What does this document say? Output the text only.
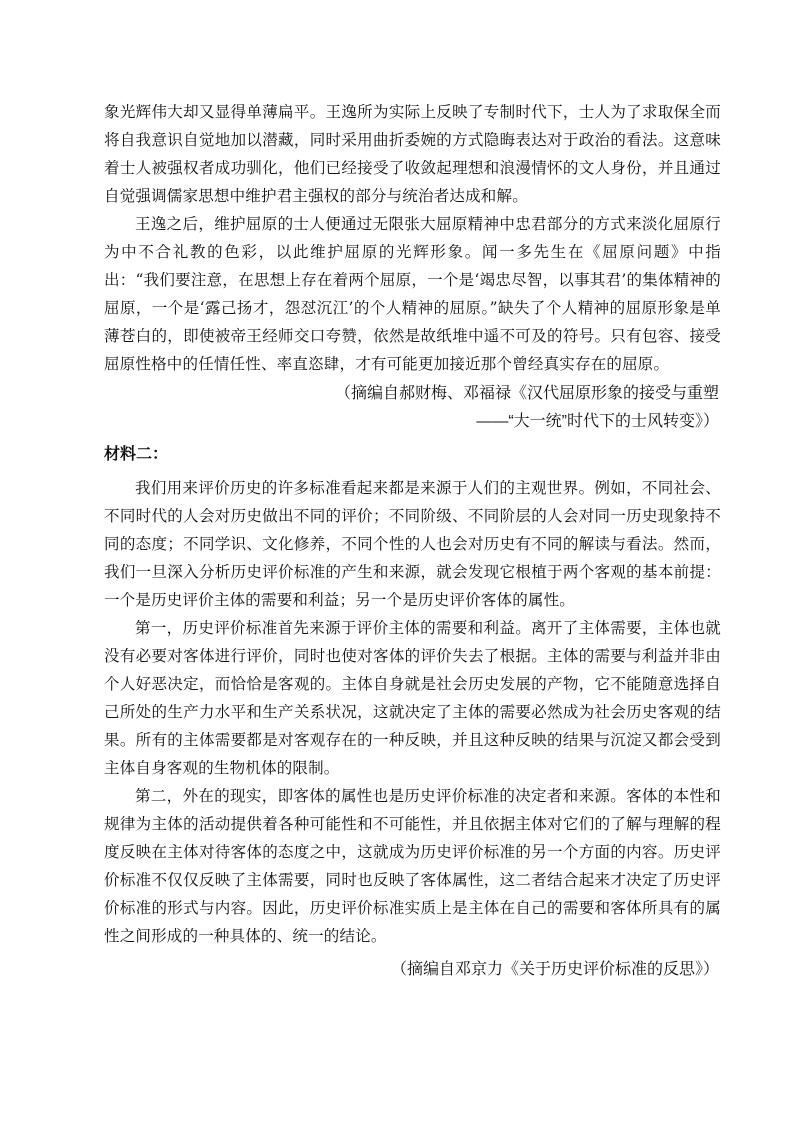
象光辉伟大却又显得单薄扁平。王逸所为实际上反映了专制时代下，士人为了求取保全而将自我意识自觉地加以潜藏，同时采用曲折委婉的方式隐晦表达对于政治的看法。这意味着士人被强权者成功驯化，他们已经接受了收敛起理想和浪漫情怀的文人身份，并且通过自觉强调儒家思想中维护君主强权的部分与统治者达成和解。

王逸之后，维护屈原的士人便通过无限张大屈原精神中忠君部分的方式来淡化屈原行为中不合礼教的色彩，以此维护屈原的光辉形象。闻一多先生在《屈原问题》中指出：“我们要注意，在思想上存在着两个屈原，一个是‘竭忠尽智，以事其君’的集体精神的屈原，一个是‘露己扬才，怨怼沉江’的个人精神的屈原。”缺失了个人精神的屈原形象是单薄苍白的，即使被帝王经师交口夸赞，依然是故纸堆中遥不可及的符号。只有包容、接受屈原性格中的任情任性、率直恣肆，才有可能更加接近那个曾经真实存在的屈原。

（摘编自郝财梅、邓福禄《汉代屈原形象的接受与重塑
——“大一统”时代下的士风转变》）
材料二：

我们用来评价历史的许多标准看起来都是来源于人们的主观世界。例如，不同社会、不同时代的人会对历史做出不同的评价；不同阶级、不同阶层的人会对同一历史现象持不同的态度；不同学识、文化修养，不同个性的人也会对历史有不同的解读与看法。然而，我们一旦深入分析历史评价标准的产生和来源，就会发现它根植于两个客观的基本前提：一个是历史评价主体的需要和利益；另一个是历史评价客体的属性。

第一，历史评价标准首先来源于评价主体的需要和利益。离开了主体需要，主体也就没有必要对客体进行评价，同时也使对客体的评价失去了根据。主体的需要与利益并非由个人好恶决定，而恰恰是客观的。主体自身就是社会历史发展的产物，它不能随意选择自己所处的生产力水平和生产关系状况，这就决定了主体的需要必然成为社会历史客观的结果。所有的主体需要都是对客观存在的一种反映，并且这种反映的结果与沉淀又都会受到主体自身客观的生物机体的限制。

第二，外在的现实，即客体的属性也是历史评价标准的决定者和来源。客体的本性和规律为主体的活动提供着各种可能性和不可能性，并且依据主体对它们的了解与理解的程度反映在主体对待客体的态度之中，这就成为历史评价标准的另一个方面的内容。历史评价标准不仅仅反映了主体需要，同时也反映了客体属性，这二者结合起来才决定了历史评价标准的形式与内容。因此，历史评价标准实质上是主体在自己的需要和客体所具有的属性之间形成的一种具体的、统一的结论。

（摘编自邓京力《关于历史评价标准的反思》）
